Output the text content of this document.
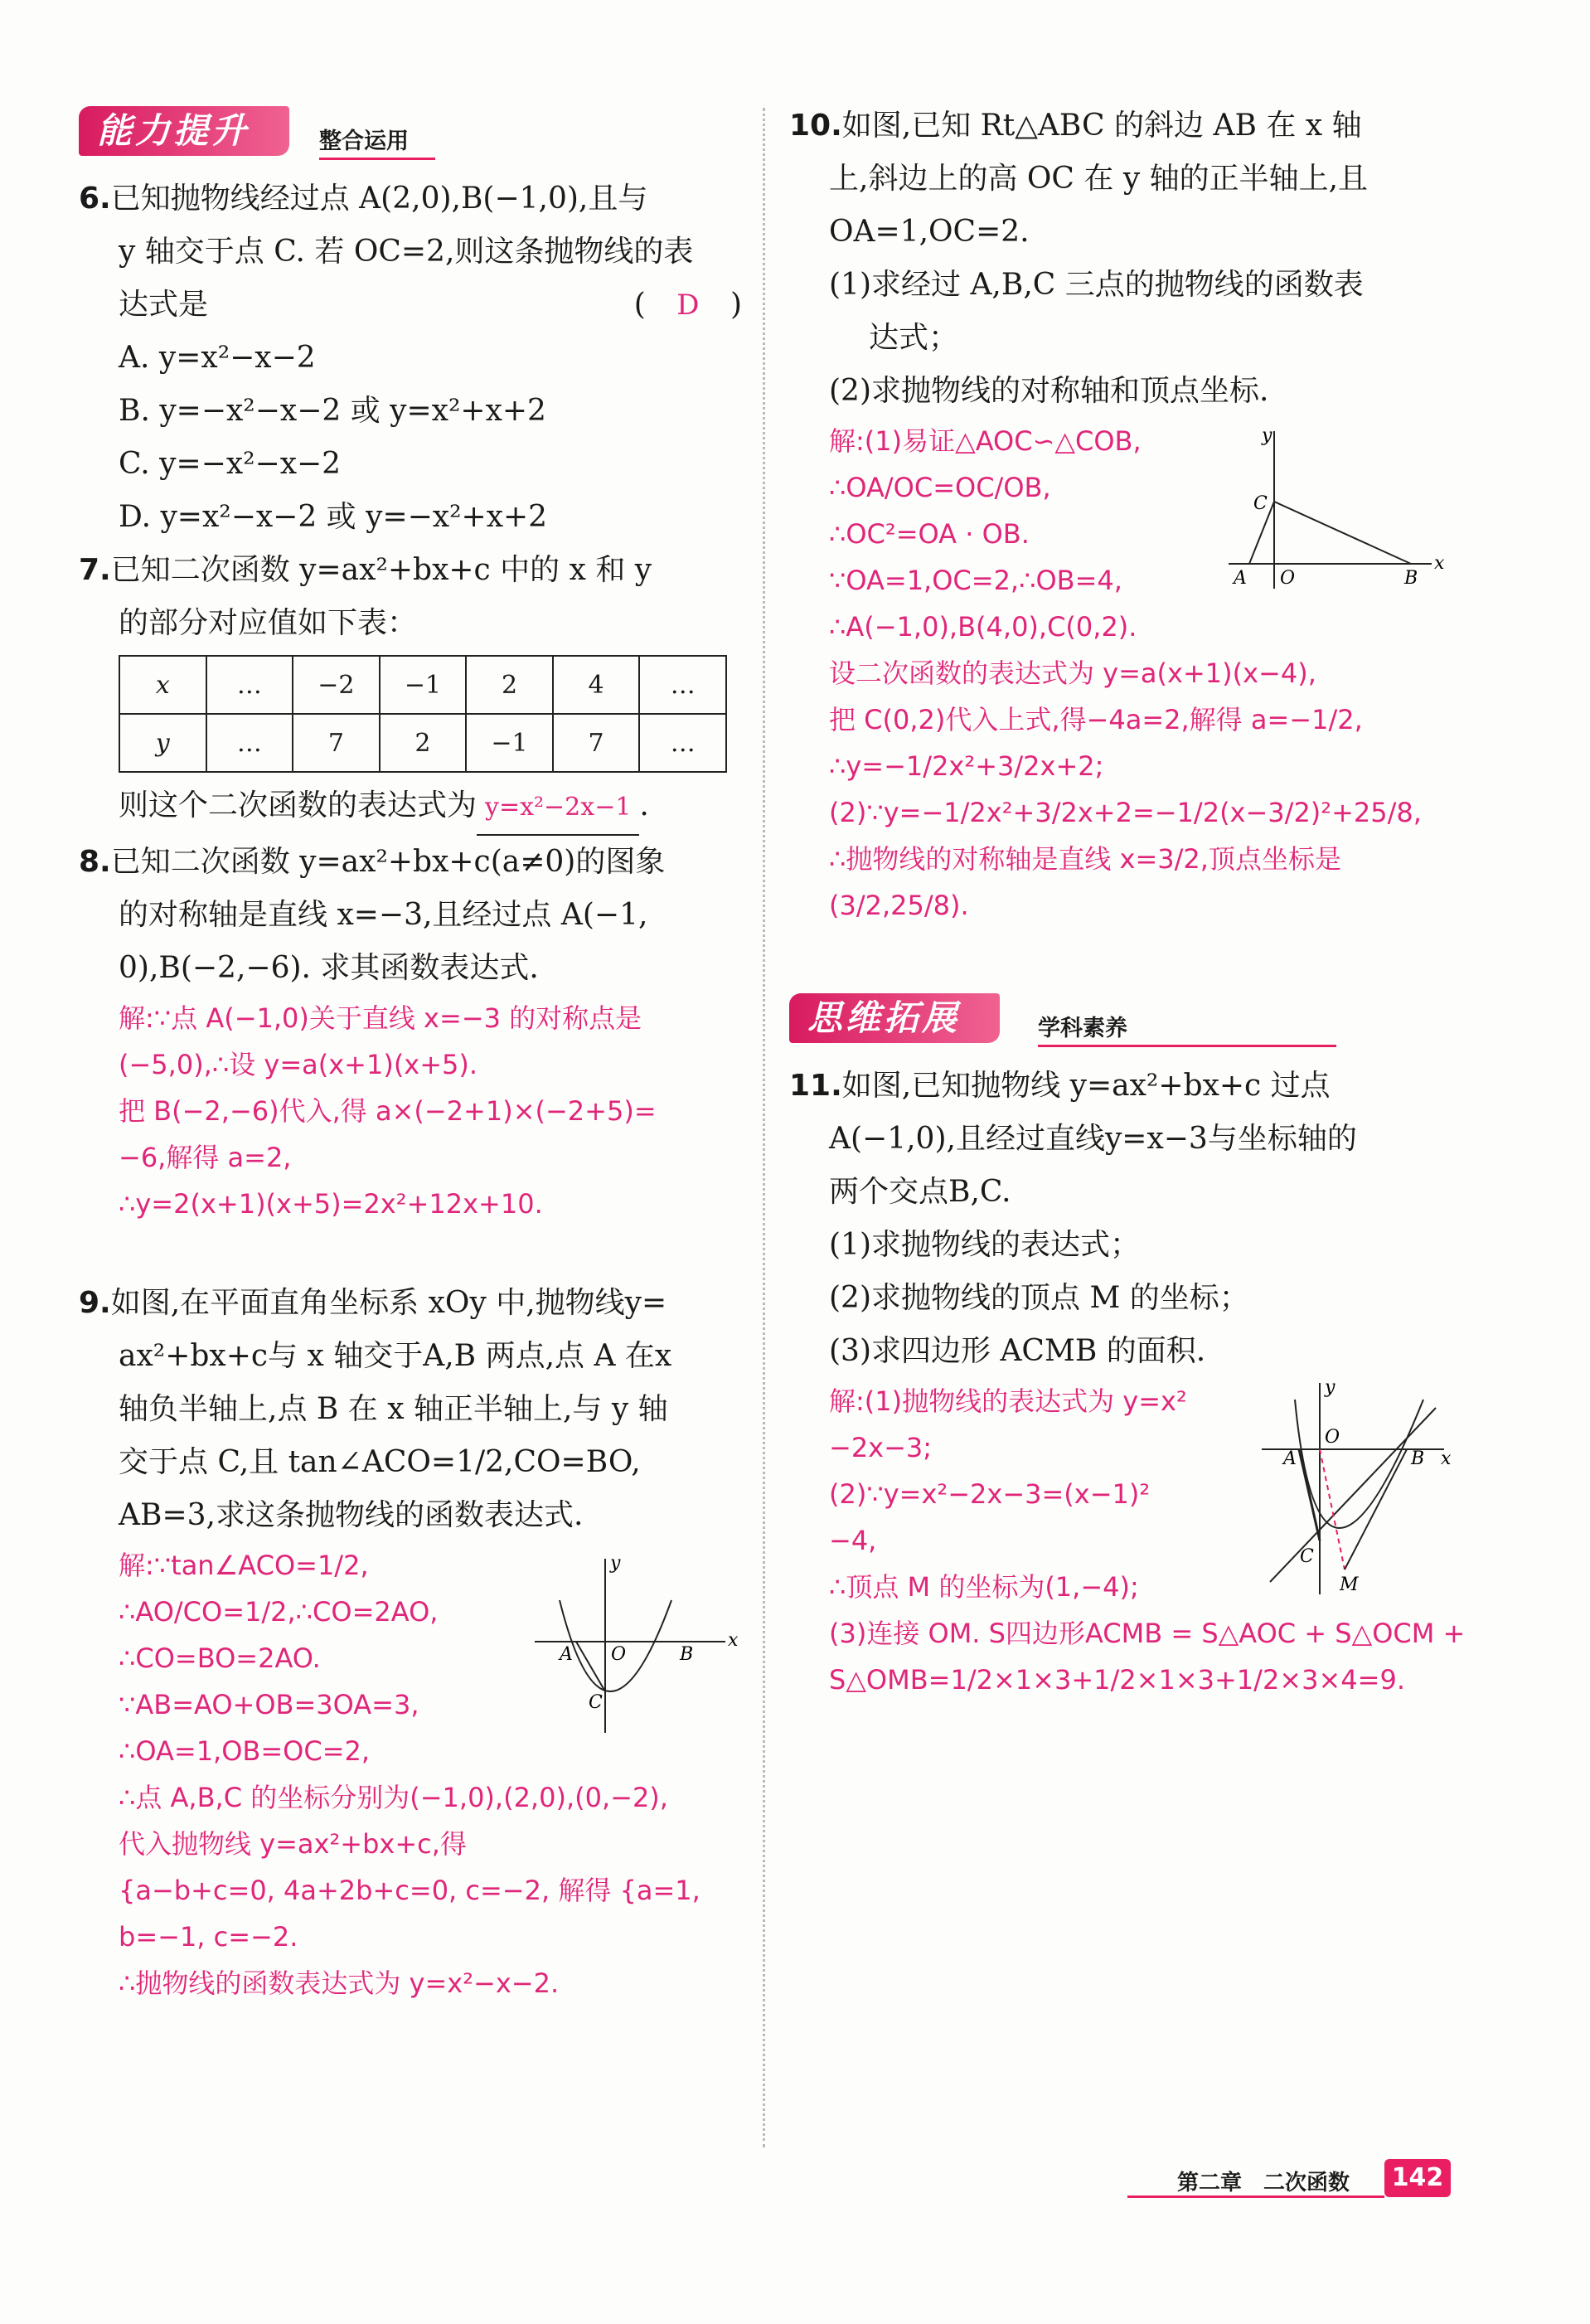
能力提升	整合运用

6.已知抛物线经过点 A(2,0),B(−1,0),且与

y 轴交于点 C. 若 OC=2,则这条抛物线的表

达式是	( D )

A. y=x²−x−2

B. y=−x²−x−2 或 y=x²+x+2

C. y=−x²−x−2

D. y=x²−x−2 或 y=−x²+x+2

7.已知二次函数 y=ax²+bx+c 中的 x 和 y

的部分对应值如下表：

x	…	−2	−1	2	4	…
y	…	7	2	−1	7	…

则这个二次函数的表达式为 y=x²−2x−1 .

8.已知二次函数 y=ax²+bx+c(a≠0)的图象

的对称轴是直线 x=−3,且经过点 A(−1,

0),B(−2,−6). 求其函数表达式.

解:∵点 A(−1,0)关于直线 x=−3 的对称点是

(−5,0),∴设 y=a(x+1)(x+5).

把 B(−2,−6)代入,得 a×(−2+1)×(−2+5)=

−6,解得 a=2,

∴y=2(x+1)(x+5)=2x²+12x+10.

9.如图,在平面直角坐标系 xOy 中,抛物线y=

ax²+bx+c与 x 轴交于A,B 两点,点 A 在x

轴负半轴上,点 B 在 x 轴正半轴上,与 y 轴

交于点 C,且 tan∠ACO=1/2,CO=BO,

AB=3,求这条抛物线的函数表达式.

解:∵tan∠ACO=1/2,

∴AO/CO=1/2,∴CO=2AO,

∴CO=BO=2AO.

∵AB=AO+OB=3OA=3,

∴OA=1,OB=OC=2,

∴点 A,B,C 的坐标分别为(−1,0),(2,0),(0,−2),

代入抛物线 y=ax²+bx+c,得

{a−b+c=0, 4a+2b+c=0, c=−2, 解得 {a=1, b=−1, c=−2.

∴抛物线的函数表达式为 y=x²−x−2.

x
y
O
A	B
C

10.如图,已知 Rt△ABC 的斜边 AB 在 x 轴

上,斜边上的高 OC 在 y 轴的正半轴上,且

OA=1,OC=2.

(1)求经过 A,B,C 三点的抛物线的函数表

达式；

(2)求抛物线的对称轴和顶点坐标.

解:(1)易证△AOC∽△COB,

∴OA/OC=OC/OB,

∴OC²=OA · OB.

∵OA=1,OC=2,∴OB=4,

∴A(−1,0),B(4,0),C(0,2).

设二次函数的表达式为 y=a(x+1)(x−4),

把 C(0,2)代入上式,得−4a=2,解得 a=−1/2,

∴y=−1/2x²+3/2x+2;

(2)∵y=−1/2x²+3/2x+2=−1/2(x−3/2)²+25/8,

∴抛物线的对称轴是直线 x=3/2,顶点坐标是

(3/2,25/8).

x
y
O
A	B
C
思维拓展	学科素养

11.如图,已知抛物线 y=ax²+bx+c 过点

A(−1,0),且经过直线y=x−3与坐标轴的

两个交点B,C.

(1)求抛物线的表达式；

(2)求抛物线的顶点 M 的坐标；

(3)求四边形 ACMB 的面积.

解:(1)抛物线的表达式为 y=x²

−2x−3;

(2)∵y=x²−2x−3=(x−1)²

−4,

∴顶点 M 的坐标为(1,−4);

(3)连接 OM. S四边形ACMB = S△AOC + S△OCM +

S△OMB=1/2×1×3+1/2×1×3+1/2×3×4=9.

x
y
O
A	B
C
M
第二章　二次函数 142
